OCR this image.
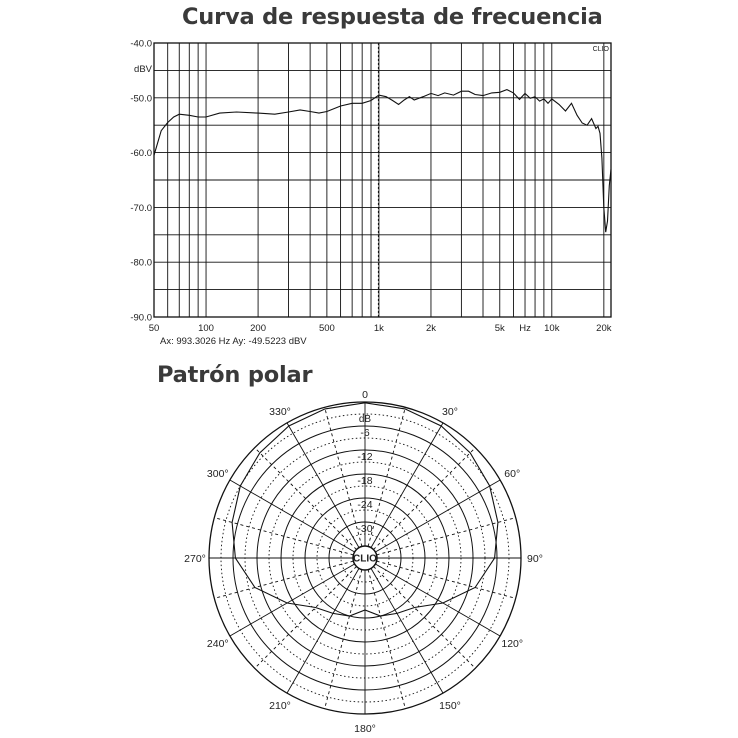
Curva de respuesta de frecuencia
Patrón polar
-40.0
-50.0
-60.0
-70.0
-80.0
-90.0
50	100	200	500	1k	2k	5k Hz 10k	20k
CLIO
dBV
Ax: 993.3026 Hz Ay: -49.5223 dBV
0
-6
-12
-18
-24
-30
30°
60°
90°
120°
150°
180°
210°
240°
270°
300°
330°
CLIO
dB
